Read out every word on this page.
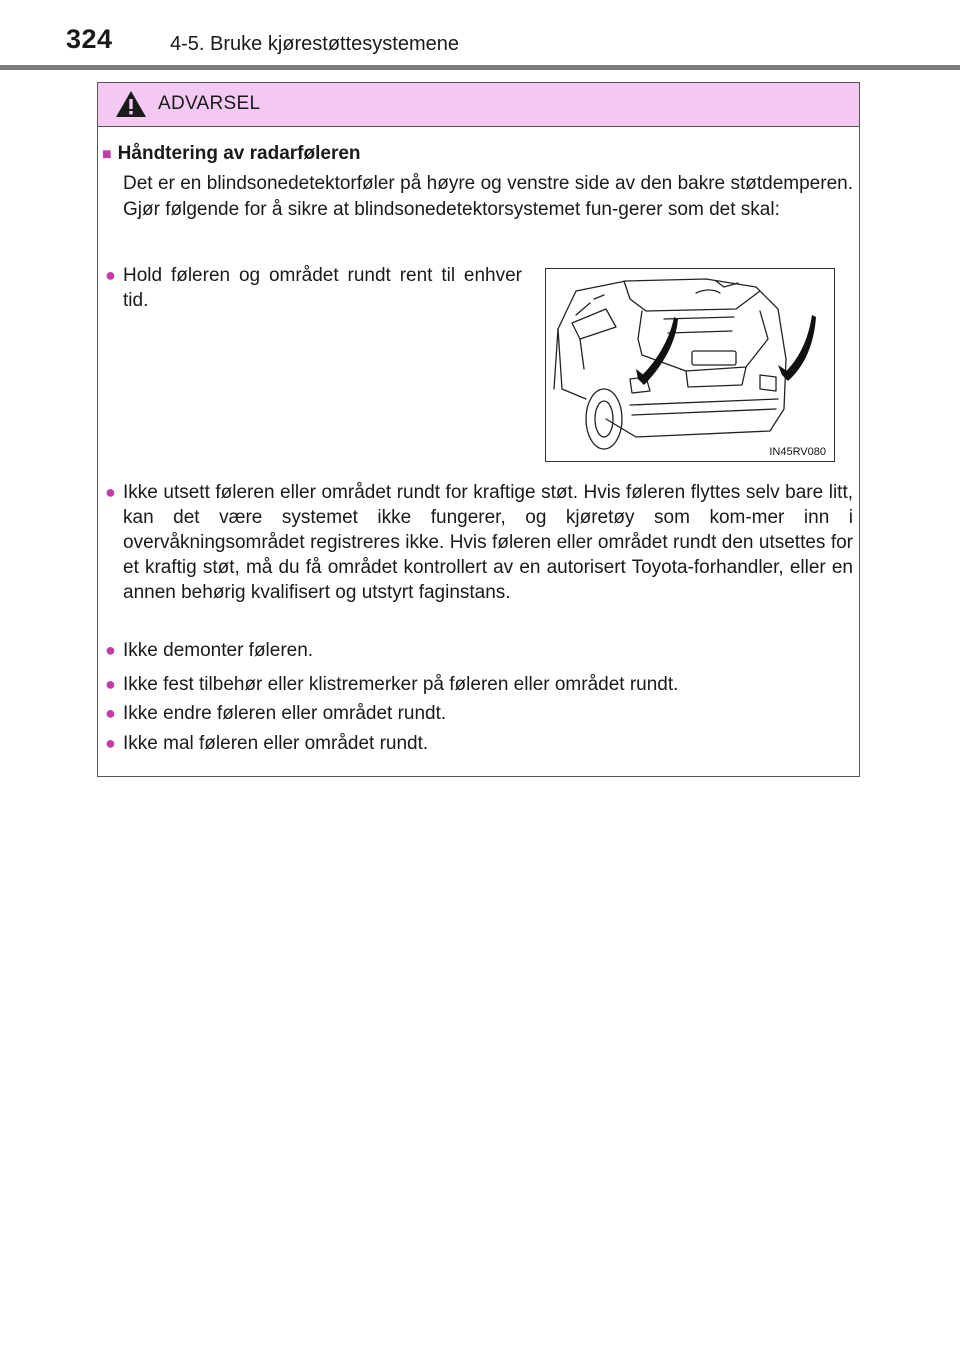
324	4-5. Bruke kjørestøttesystemene
ADVARSEL
■ Håndtering av radarføleren
Det er en blindsonedetektorføler på høyre og venstre side av den bakre støtdemperen. Gjør følgende for å sikre at blindsonedetektorsystemet fun-gerer som det skal:
● Hold føleren og området rundt rent til enhver tid.
IN45RV080
● Ikke utsett føleren eller området rundt for kraftige støt. Hvis føleren flyttes selv bare litt, kan det være systemet ikke fungerer, og kjøretøy som kom-mer inn i overvåkningsområdet registreres ikke. Hvis føleren eller området rundt den utsettes for et kraftig støt, må du få området kontrollert av en autorisert Toyota-forhandler, eller en annen behørig kvalifisert og utstyrt faginstans.
● Ikke demonter føleren.
● Ikke fest tilbehør eller klistremerker på føleren eller området rundt.
● Ikke endre føleren eller området rundt.
● Ikke mal føleren eller området rundt.
